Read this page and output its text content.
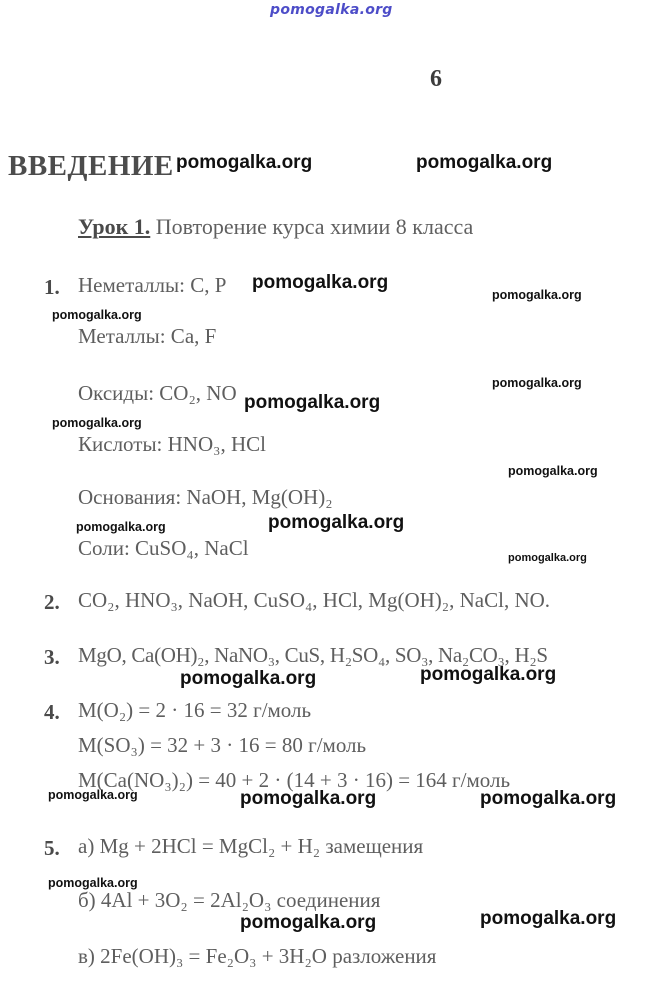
pomogalka.org
6
ВВЕДЕНИЕ
Урок 1. Повторение курса химии 8 класса
1. Неметаллы: C, P
Металлы: Ca, F
Оксиды: CO₂, NO
Кислоты: HNO₃, HCl
Основания: NaOH, Mg(OH)₂
Соли: CuSO₄, NaCl
2. CO₂, HNO₃, NaOH, CuSO₄, HCl, Mg(OH)₂, NaCl, NO.
3. MgO, Ca(OH)₂, NaNO₃, CuS, H₂SO₄, SO₃, Na₂CO₃, H₂S
4. M(O₂) = 2 · 16 = 32 г/моль
M(SO₃) = 32 + 3 · 16 = 80 г/моль
M(Ca(NO₃)₂) = 40 + 2 · (14 + 3 · 16) = 164 г/моль
5. а) Mg + 2HCl = MgCl₂ + H₂ замещения
б) 4Al + 3O₂ = 2Al₂O₃ соединения
в) 2Fe(OH)₃ = Fe₂O₃ + 3H₂O разложения
pomogalka.org	pomogalka.org
pomogalka.org
pomogalka.org
pomogalka.org
pomogalka.org
pomogalka.org
pomogalka.org
pomogalka.org
pomogalka.org	pomogalka.org
pomogalka.org
pomogalka.org	pomogalka.org
pomogalka.org	pomogalka.org	pomogalka.org
pomogalka.org
pomogalka.org	pomogalka.org
